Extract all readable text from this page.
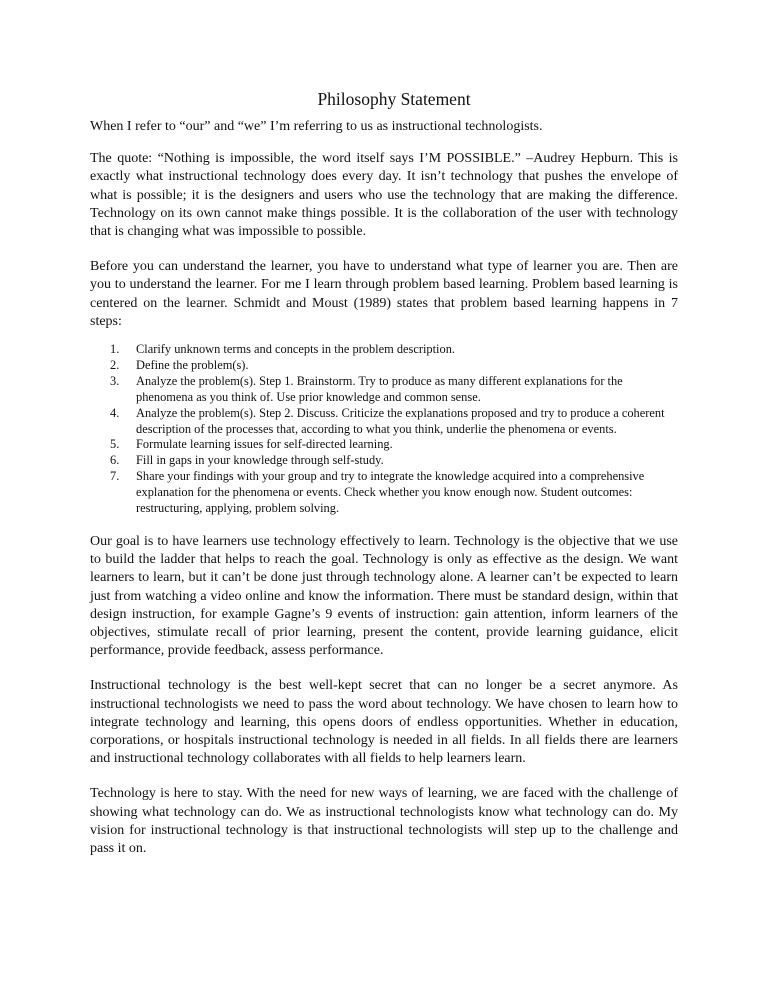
Philosophy Statement

When I refer to “our” and “we” I’m referring to us as instructional technologists.

The quote: “Nothing is impossible, the word itself says I’M POSSIBLE.” –Audrey Hepburn. This is exactly what instructional technology does every day. It isn’t technology that pushes the envelope of what is possible; it is the designers and users who use the technology that are making the difference. Technology on its own cannot make things possible. It is the collaboration of the user with technology that is changing what was impossible to possible.

Before you can understand the learner, you have to understand what type of learner you are. Then are you to understand the learner. For me I learn through problem based learning. Problem based learning is centered on the learner. Schmidt and Moust (1989) states that problem based learning happens in 7 steps:

1. Clarify unknown terms and concepts in the problem description.
2. Define the problem(s).
3. Analyze the problem(s). Step 1. Brainstorm. Try to produce as many different explanations for the phenomena as you think of. Use prior knowledge and common sense.
4. Analyze the problem(s). Step 2. Discuss. Criticize the explanations proposed and try to produce a coherent description of the processes that, according to what you think, underlie the phenomena or events.
5. Formulate learning issues for self-directed learning.
6. Fill in gaps in your knowledge through self-study.
7. Share your findings with your group and try to integrate the knowledge acquired into a comprehensive explanation for the phenomena or events. Check whether you know enough now. Student outcomes: restructuring, applying, problem solving.

Our goal is to have learners use technology effectively to learn. Technology is the objective that we use to build the ladder that helps to reach the goal. Technology is only as effective as the design. We want learners to learn, but it can’t be done just through technology alone. A learner can’t be expected to learn just from watching a video online and know the information. There must be standard design, within that design instruction, for example Gagne’s 9 events of instruction: gain attention, inform learners of the objectives, stimulate recall of prior learning, present the content, provide learning guidance, elicit performance, provide feedback, assess performance.

Instructional technology is the best well-kept secret that can no longer be a secret anymore. As instructional technologists we need to pass the word about technology. We have chosen to learn how to integrate technology and learning, this opens doors of endless opportunities. Whether in education, corporations, or hospitals instructional technology is needed in all fields. In all fields there are learners and instructional technology collaborates with all fields to help learners learn.

Technology is here to stay. With the need for new ways of learning, we are faced with the challenge of showing what technology can do. We as instructional technologists know what technology can do. My vision for instructional technology is that instructional technologists will step up to the challenge and pass it on.
